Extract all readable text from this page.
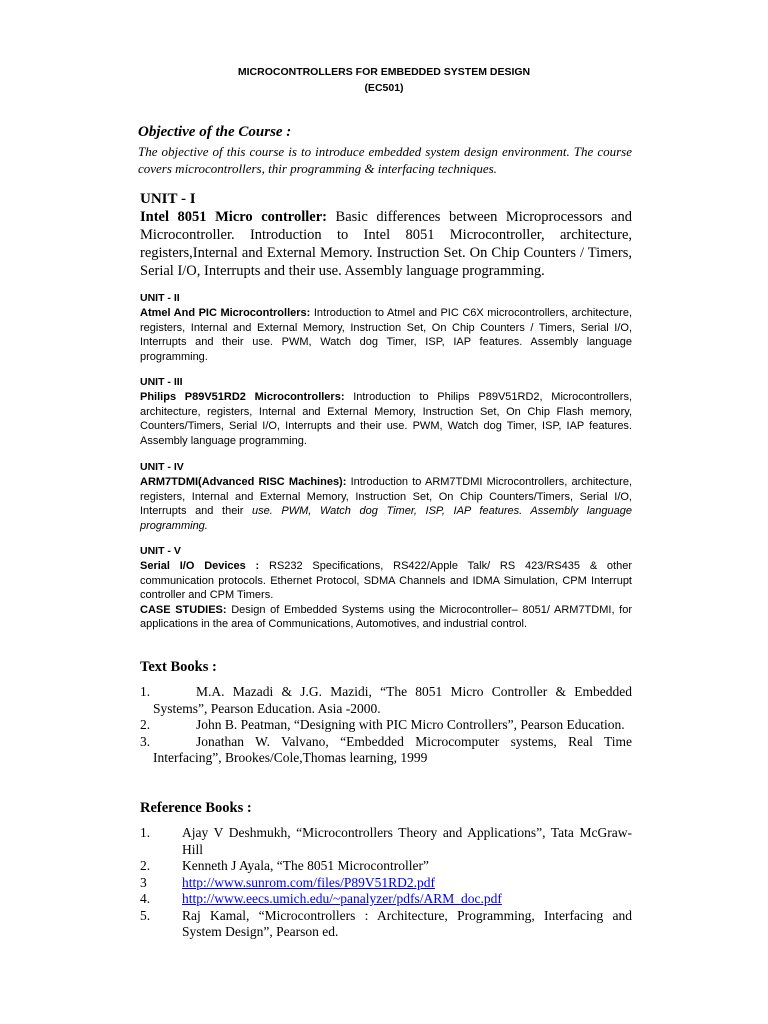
MICROCONTROLLERS FOR EMBEDDED SYSTEM DESIGN
(EC501)
Objective of the Course :
The objective of this course is to introduce embedded system design environment. The course covers microcontrollers, thir programming & interfacing techniques.
UNIT - I
Intel 8051 Micro controller: Basic differences between Microprocessors and Microcontroller. Introduction to Intel 8051 Microcontroller, architecture, registers,Internal and External Memory. Instruction Set. On Chip Counters / Timers, Serial I/O, Interrupts and their use. Assembly language programming.
UNIT - II
Atmel And PIC Microcontrollers: Introduction to Atmel and PIC C6X microcontrollers, architecture, registers, Internal and External Memory, Instruction Set, On Chip Counters / Timers, Serial I/O, Interrupts and their use. PWM, Watch dog Timer, ISP, IAP features. Assembly language programming.
UNIT - III
Philips P89V51RD2 Microcontrollers: Introduction to Philips P89V51RD2, Microcontrollers, architecture, registers, Internal and External Memory, Instruction Set, On Chip Flash memory, Counters/Timers, Serial I/O, Interrupts and their use. PWM, Watch dog Timer, ISP, IAP features. Assembly language programming.
UNIT - IV
ARM7TDMI(Advanced RISC Machines): Introduction to ARM7TDMI Microcontrollers, architecture, registers, Internal and External Memory, Instruction Set, On Chip Counters/Timers, Serial I/O, Interrupts and their use. PWM, Watch dog Timer, ISP, IAP features. Assembly language programming.
UNIT - V
Serial I/O Devices : RS232 Specifications, RS422/Apple Talk/ RS 423/RS435 & other communication protocols. Ethernet Protocol, SDMA Channels and IDMA Simulation, CPM Interrupt controller and CPM Timers.
CASE STUDIES: Design of Embedded Systems using the Microcontroller– 8051/ ARM7TDMI, for applications in the area of Communications, Automotives, and industrial control.
Text Books :
1.	M.A. Mazadi & J.G. Mazidi, “The 8051 Micro Controller & Embedded Systems”, Pearson Education. Asia -2000.
2.	John B. Peatman, “Designing with PIC Micro Controllers”, Pearson Education.
3.	Jonathan W. Valvano, “Embedded Microcomputer systems, Real Time Interfacing”, Brookes/Cole,Thomas learning, 1999
Reference Books :
1. Ajay V Deshmukh, “Microcontrollers Theory and Applications”, Tata McGraw-Hill
2. Kenneth J Ayala, “The 8051 Microcontroller”
3	http://www.sunrom.com/files/P89V51RD2.pdf
4. http://www.eecs.umich.edu/~panalyzer/pdfs/ARM_doc.pdf
5. Raj Kamal, “Microcontrollers : Architecture, Programming, Interfacing and System Design”, Pearson ed.
